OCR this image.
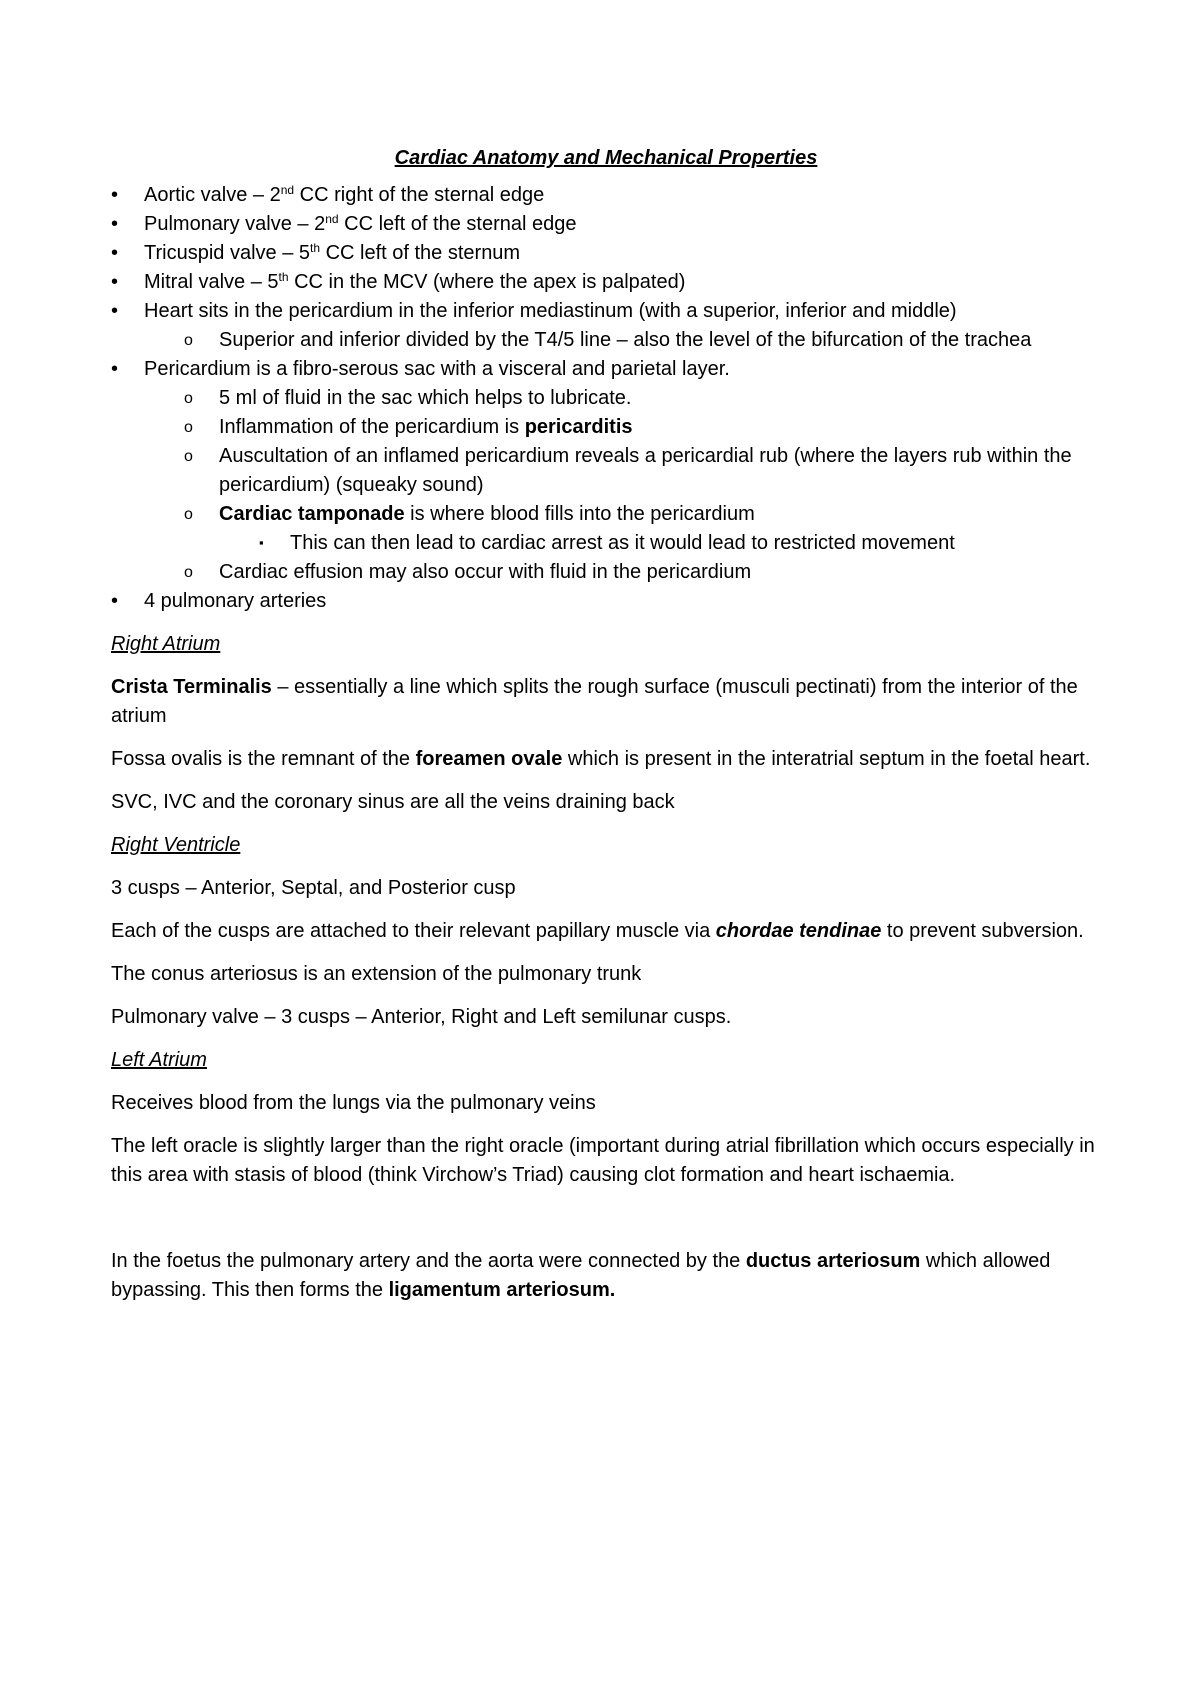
Cardiac Anatomy and Mechanical Properties
• Aortic valve – 2nd CC right of the sternal edge
• Pulmonary valve – 2nd CC left of the sternal edge
• Tricuspid valve – 5th CC left of the sternum
• Mitral valve – 5th CC in the MCV (where the apex is palpated)
• Heart sits in the pericardium in the inferior mediastinum (with a superior, inferior and middle)
o Superior and inferior divided by the T4/5 line – also the level of the bifurcation of the trachea
• Pericardium is a fibro-serous sac with a visceral and parietal layer.
o 5 ml of fluid in the sac which helps to lubricate.
o Inflammation of the pericardium is pericarditis
o Auscultation of an inflamed pericardium reveals a pericardial rub (where the layers rub within the pericardium) (squeaky sound)
o Cardiac tamponade is where blood fills into the pericardium
▪ This can then lead to cardiac arrest as it would lead to restricted movement
o Cardiac effusion may also occur with fluid in the pericardium
• 4 pulmonary arteries
Right Atrium

Crista Terminalis – essentially a line which splits the rough surface (musculi pectinati) from the interior of the atrium

Fossa ovalis is the remnant of the foreamen ovale which is present in the interatrial septum in the foetal heart.

SVC, IVC and the coronary sinus are all the veins draining back

Right Ventricle

3 cusps – Anterior, Septal, and Posterior cusp

Each of the cusps are attached to their relevant papillary muscle via chordae tendinae to prevent subversion.

The conus arteriosus is an extension of the pulmonary trunk

Pulmonary valve – 3 cusps – Anterior, Right and Left semilunar cusps.

Left Atrium

Receives blood from the lungs via the pulmonary veins

The left oracle is slightly larger than the right oracle (important during atrial fibrillation which occurs especially in this area with stasis of blood (think Virchow’s Triad) causing clot formation and heart ischaemia.

In the foetus the pulmonary artery and the aorta were connected by the ductus arteriosum which allowed bypassing. This then forms the ligamentum arteriosum.
